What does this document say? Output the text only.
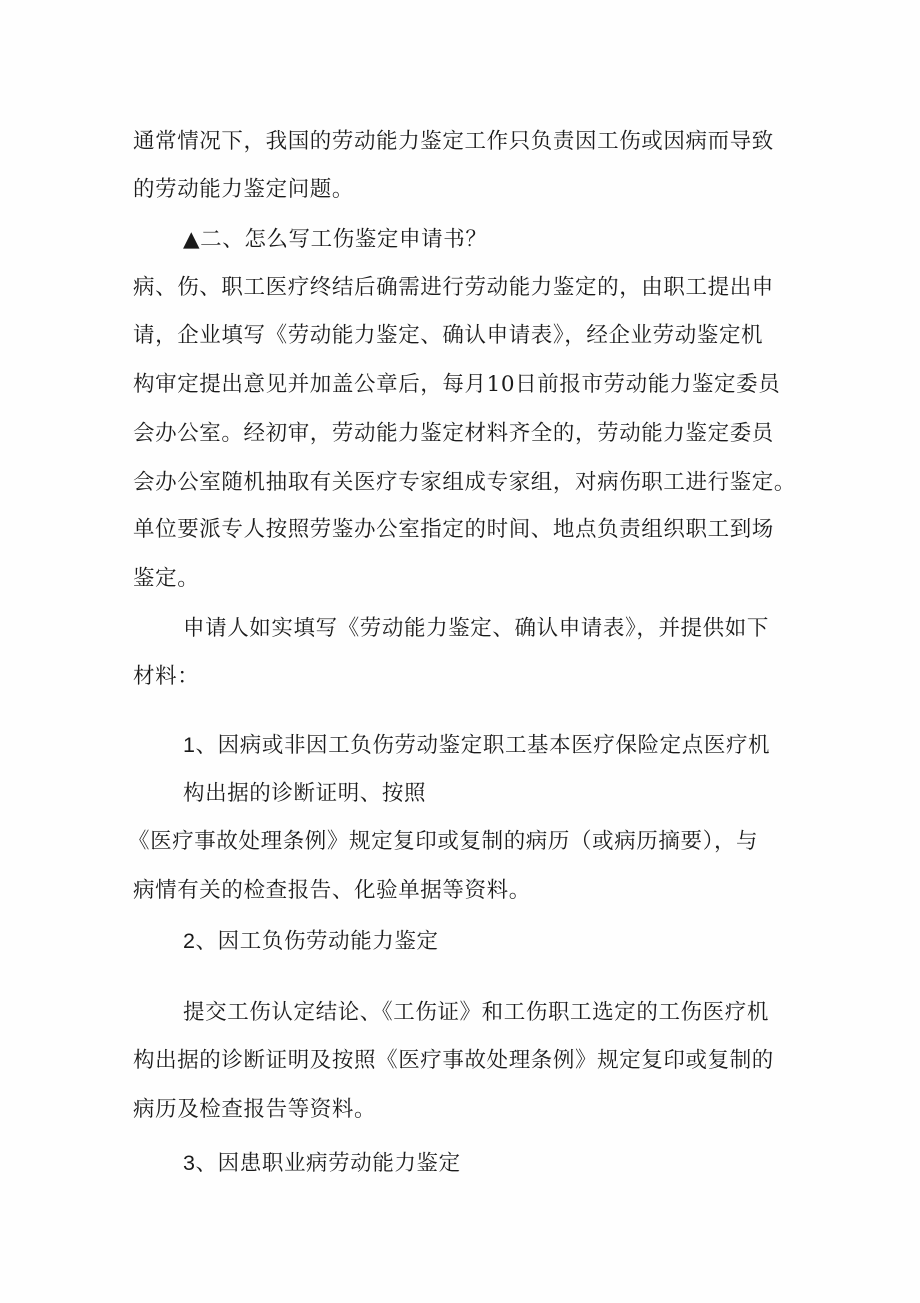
通常情况下，我国的劳动能力鉴定工作只负责因工伤或因病而导致
的劳动能力鉴定问题。
▲二、怎么写工伤鉴定申请书？
病、伤、职工医疗终结后确需进行劳动能力鉴定的，由职工提出申
请，企业填写《劳动能力鉴定、确认申请表》，经企业劳动鉴定机
构审定提出意见并加盖公章后，每月10日前报市劳动能力鉴定委员
会办公室。经初审，劳动能力鉴定材料齐全的，劳动能力鉴定委员
会办公室随机抽取有关医疗专家组成专家组，对病伤职工进行鉴定。
单位要派专人按照劳鉴办公室指定的时间、地点负责组织职工到场
鉴定。
申请人如实填写《劳动能力鉴定、确认申请表》，并提供如下
材料：
1、因病或非因工负伤劳动鉴定职工基本医疗保险定点医疗机
构出据的诊断证明、按照
《医疗事故处理条例》规定复印或复制的病历（或病历摘要），与
病情有关的检查报告、化验单据等资料。
2、因工负伤劳动能力鉴定
提交工伤认定结论、《工伤证》和工伤职工选定的工伤医疗机
构出据的诊断证明及按照《医疗事故处理条例》规定复印或复制的
病历及检查报告等资料。
3、因患职业病劳动能力鉴定
